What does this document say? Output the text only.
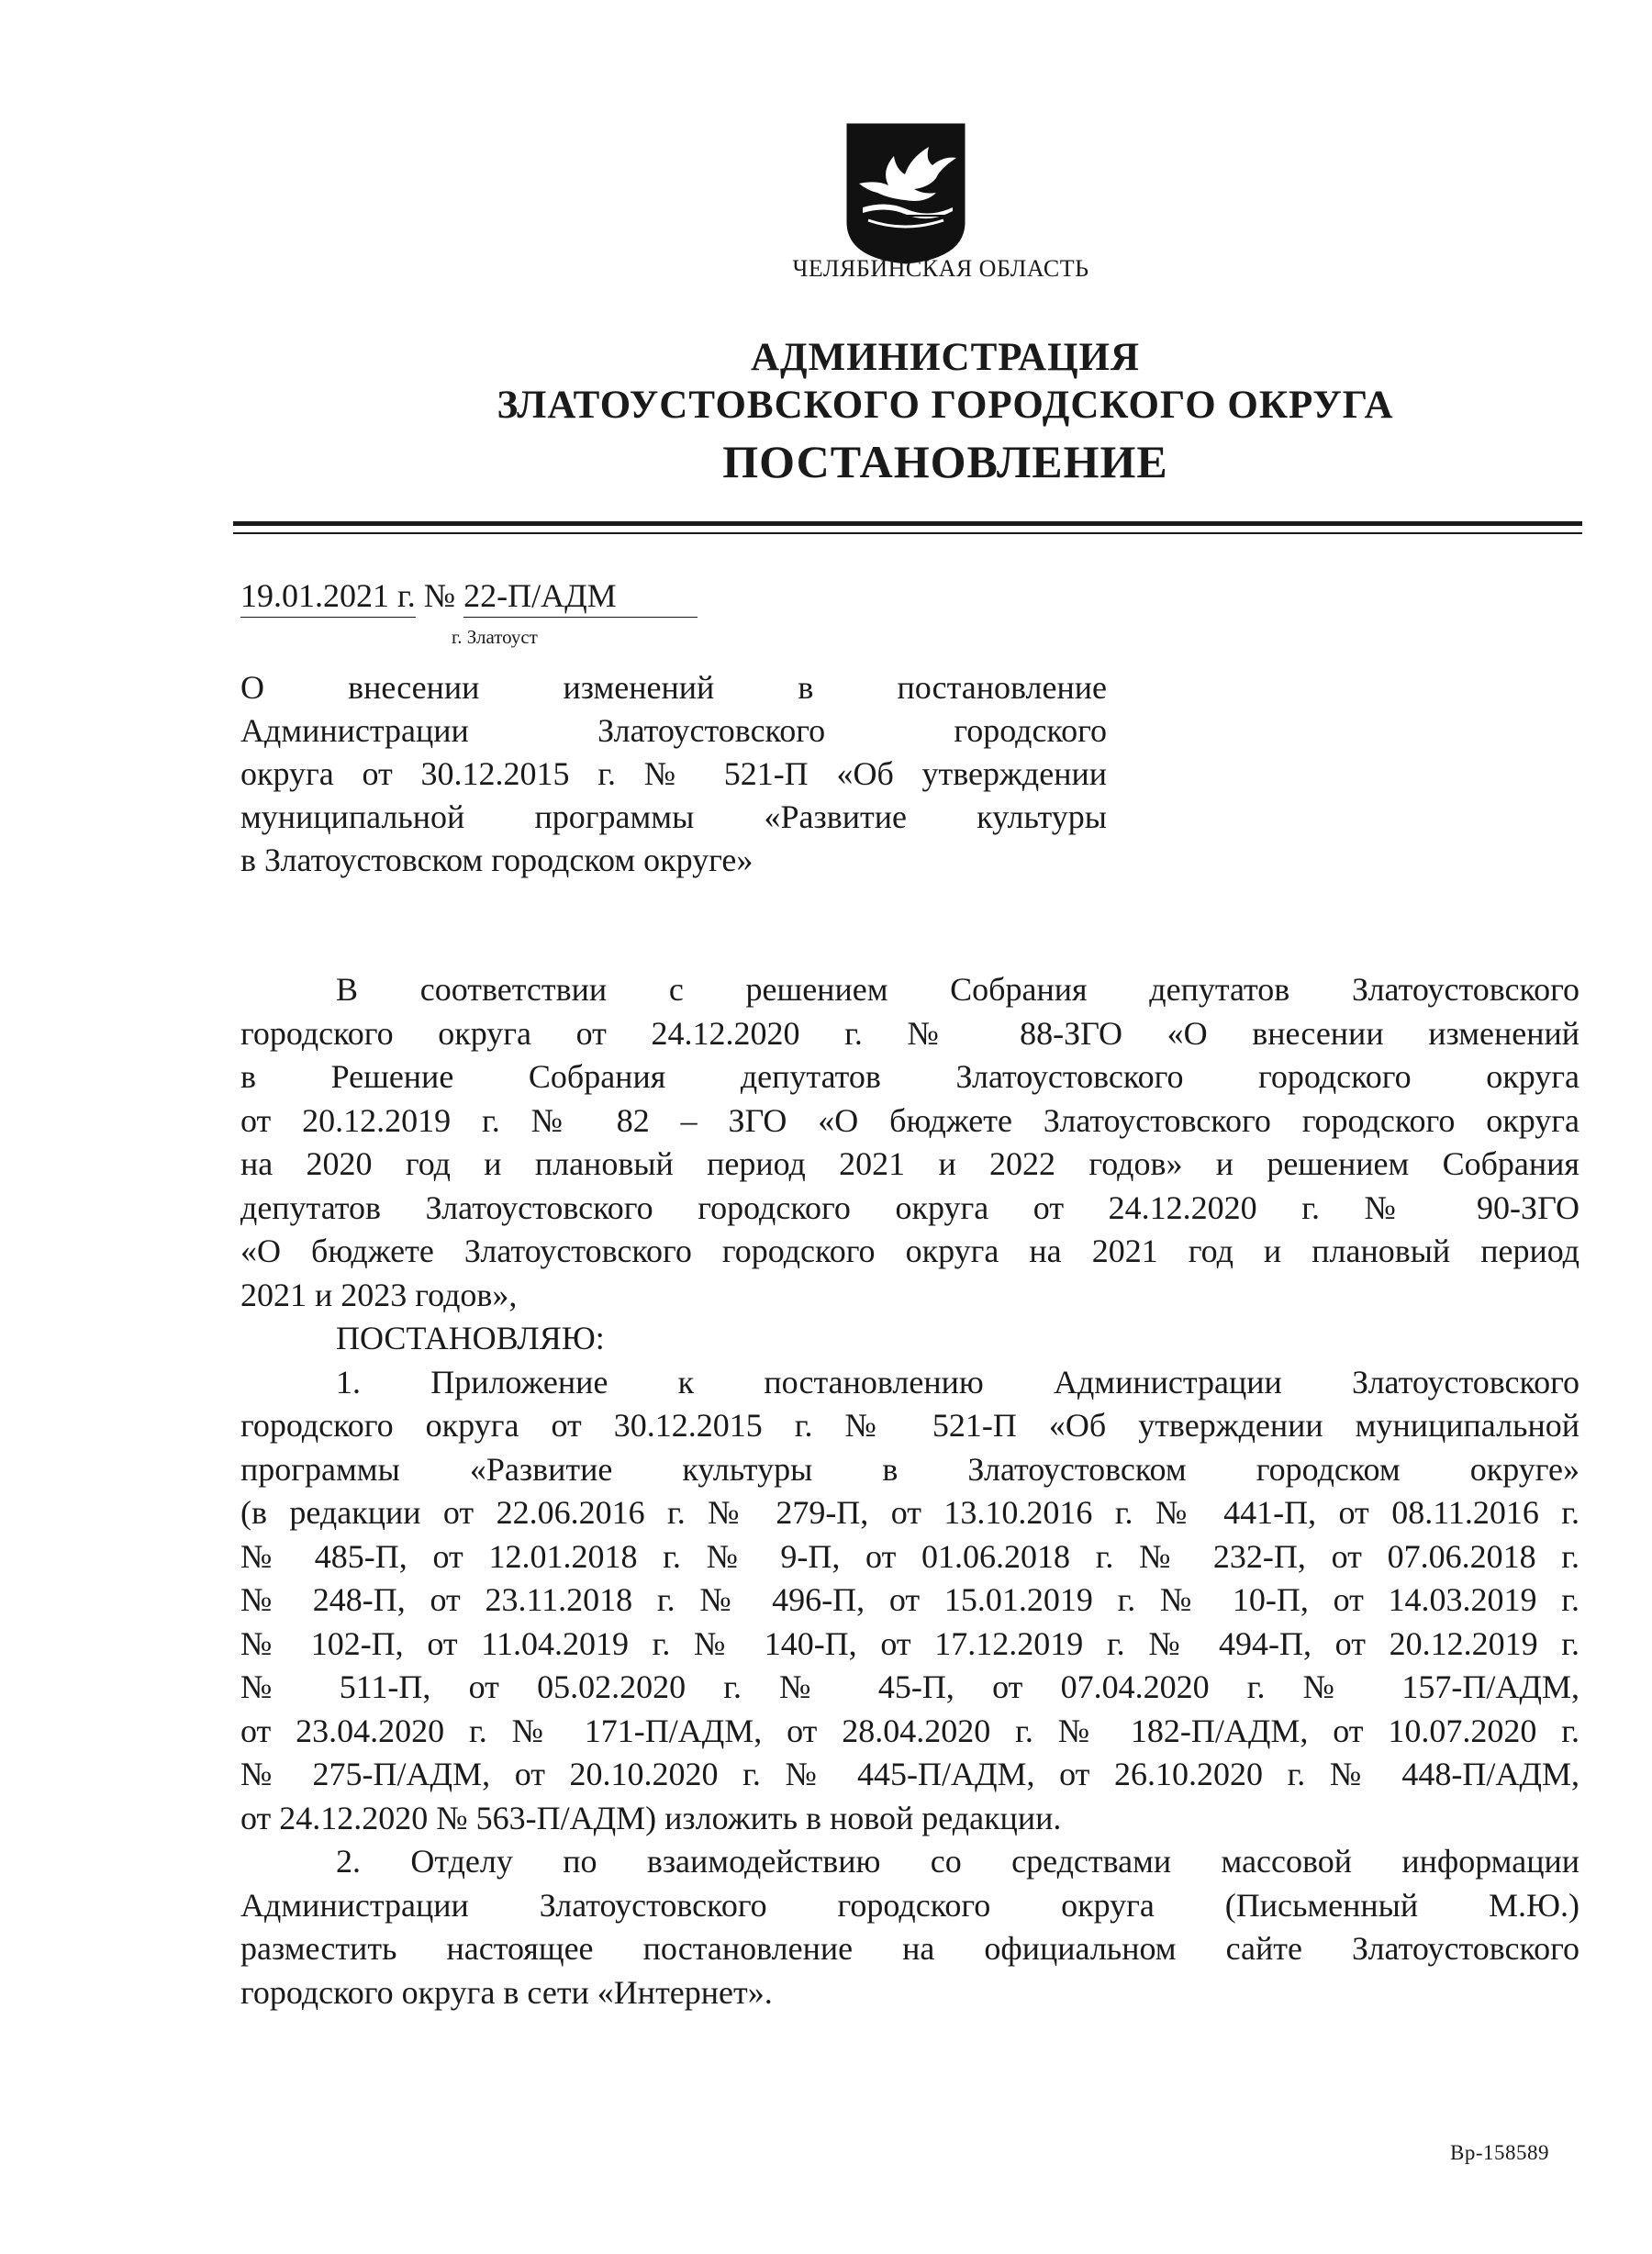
ЧЕЛЯБИНСКАЯ ОБЛАСТЬ
АДМИНИСТРАЦИЯ
ЗЛАТОУСТОВСКОГО ГОРОДСКОГО ОКРУГА
ПОСТАНОВЛЕНИЕ
19.01.2021 г. № 22-П/АДМ
г. Златоуст
О внесении изменений в постановление
Администрации Златоустовского городского
округа от 30.12.2015 г. № 521-П «Об утверждении
муниципальной программы «Развитие культуры
в Златоустовском городском округе»
В соответствии с решением Собрания депутатов Златоустовского
городского округа от 24.12.2020 г. № 88-ЗГО «О внесении изменений
в Решение Собрания депутатов Златоустовского городского округа
от 20.12.2019 г. № 82 – ЗГО «О бюджете Златоустовского городского округа
на 2020 год и плановый период 2021 и 2022 годов» и решением Собрания
депутатов Златоустовского городского округа от 24.12.2020 г. № 90-ЗГО
«О бюджете Златоустовского городского округа на 2021 год и плановый период
2021 и 2023 годов»,
ПОСТАНОВЛЯЮ:
1. Приложение к постановлению Администрации Златоустовского
городского округа от 30.12.2015 г. № 521-П «Об утверждении муниципальной
программы «Развитие культуры в Златоустовском городском округе»
(в редакции от 22.06.2016 г. № 279-П, от 13.10.2016 г. № 441-П, от 08.11.2016 г.
№ 485-П, от 12.01.2018 г. № 9-П, от 01.06.2018 г. № 232-П, от 07.06.2018 г.
№ 248-П, от 23.11.2018 г. № 496-П, от 15.01.2019 г. № 10-П, от 14.03.2019 г.
№ 102-П, от 11.04.2019 г. № 140-П, от 17.12.2019 г. № 494-П, от 20.12.2019 г.
№ 511-П, от 05.02.2020 г. № 45-П, от 07.04.2020 г. № 157-П/АДМ,
от 23.04.2020 г. № 171-П/АДМ, от 28.04.2020 г. № 182-П/АДМ, от 10.07.2020 г.
№ 275-П/АДМ, от 20.10.2020 г. № 445-П/АДМ, от 26.10.2020 г. № 448-П/АДМ,
от 24.12.2020 № 563-П/АДМ) изложить в новой редакции.
2. Отделу по взаимодействию со средствами массовой информации
Администрации Златоустовского городского округа (Письменный М.Ю.)
разместить настоящее постановление на официальном сайте Златоустовского
городского округа в сети «Интернет».
Вр-158589
